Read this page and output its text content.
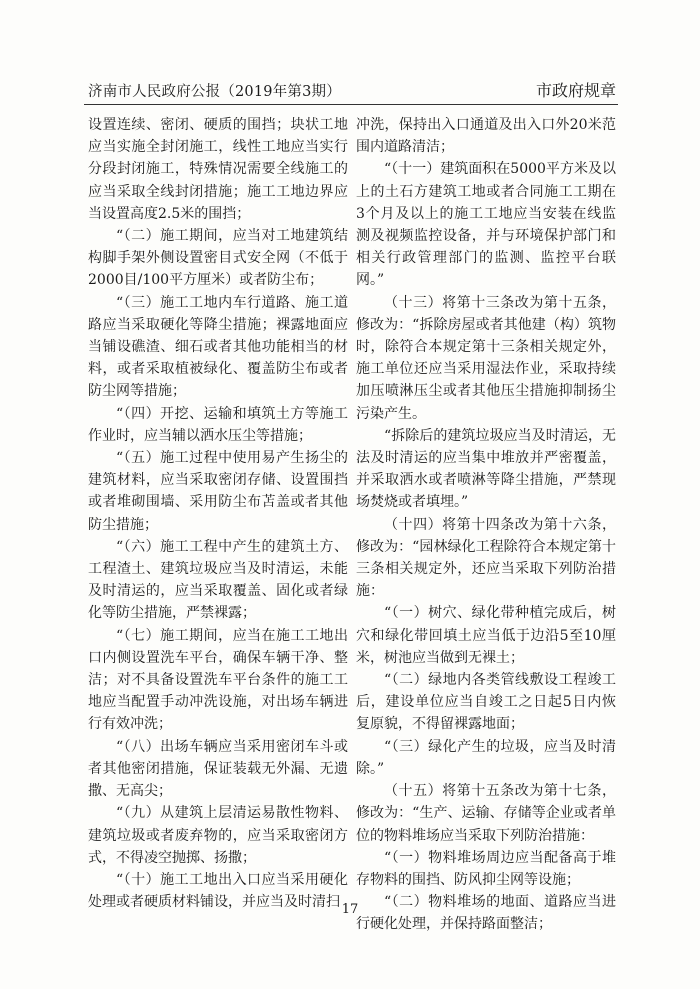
济南市人民政府公报（2019年第3期）	市政府规章

设置连续、密闭、硬质的围挡；块状工地应当实施全封闭施工，线性工地应当实行分段封闭施工，特殊情况需要全线施工的应当采取全线封闭措施；施工工地边界应当设置高度2.5米的围挡；

“（二）施工期间，应当对工地建筑结构脚手架外侧设置密目式安全网（不低于2000目/100平方厘米）或者防尘布；

“（三）施工工地内车行道路、施工道路应当采取硬化等降尘措施；裸露地面应当铺设礁渣、细石或者其他功能相当的材料，或者采取植被绿化、覆盖防尘布或者防尘网等措施；

“（四）开挖、运输和填筑土方等施工作业时，应当辅以洒水压尘等措施；

“（五）施工过程中使用易产生扬尘的建筑材料，应当采取密闭存储、设置围挡或者堆砌围墙、采用防尘布苫盖或者其他防尘措施；

“（六）施工工程中产生的建筑土方、工程渣土、建筑垃圾应当及时清运，未能及时清运的，应当采取覆盖、固化或者绿化等防尘措施，严禁裸露；

“（七）施工期间，应当在施工工地出口内侧设置洗车平台，确保车辆干净、整洁；对不具备设置洗车平台条件的施工工地应当配置手动冲洗设施，对出场车辆进行有效冲洗；

“（八）出场车辆应当采用密闭车斗或者其他密闭措施，保证装载无外漏、无遗撒、无高尖；

“（九）从建筑上层清运易散性物料、建筑垃圾或者废弃物的，应当采取密闭方式，不得凌空抛掷、扬撒；

“（十）施工工地出入口应当采用硬化处理或者硬质材料铺设，并应当及时清扫

冲洗，保持出入口通道及出入口外20米范围内道路清洁；

“（十一）建筑面积在5000平方米及以上的土石方建筑工地或者合同施工工期在3个月及以上的施工工地应当安装在线监测及视频监控设备，并与环境保护部门和相关行政管理部门的监测、监控平台联网。”

（十三）将第十三条改为第十五条，修改为：“拆除房屋或者其他建（构）筑物时，除符合本规定第十三条相关规定外，施工单位还应当采用湿法作业，采取持续加压喷淋压尘或者其他压尘措施抑制扬尘污染产生。

“拆除后的建筑垃圾应当及时清运，无法及时清运的应当集中堆放并严密覆盖，并采取洒水或者喷淋等降尘措施，严禁现场焚烧或者填埋。”

（十四）将第十四条改为第十六条，修改为：“园林绿化工程除符合本规定第十三条相关规定外，还应当采取下列防治措施：

“（一）树穴、绿化带种植完成后，树穴和绿化带回填土应当低于边沿5至10厘米，树池应当做到无裸土；

“（二）绿地内各类管线敷设工程竣工后，建设单位应当自竣工之日起5日内恢复原貌，不得留裸露地面；

“（三）绿化产生的垃圾，应当及时清除。”

（十五）将第十五条改为第十七条，修改为：“生产、运输、存储等企业或者单位的物料堆场应当采取下列防治措施：

“（一）物料堆场周边应当配备高于堆存物料的围挡、防风抑尘网等设施；

“（二）物料堆场的地面、道路应当进行硬化处理，并保持路面整洁；

17
